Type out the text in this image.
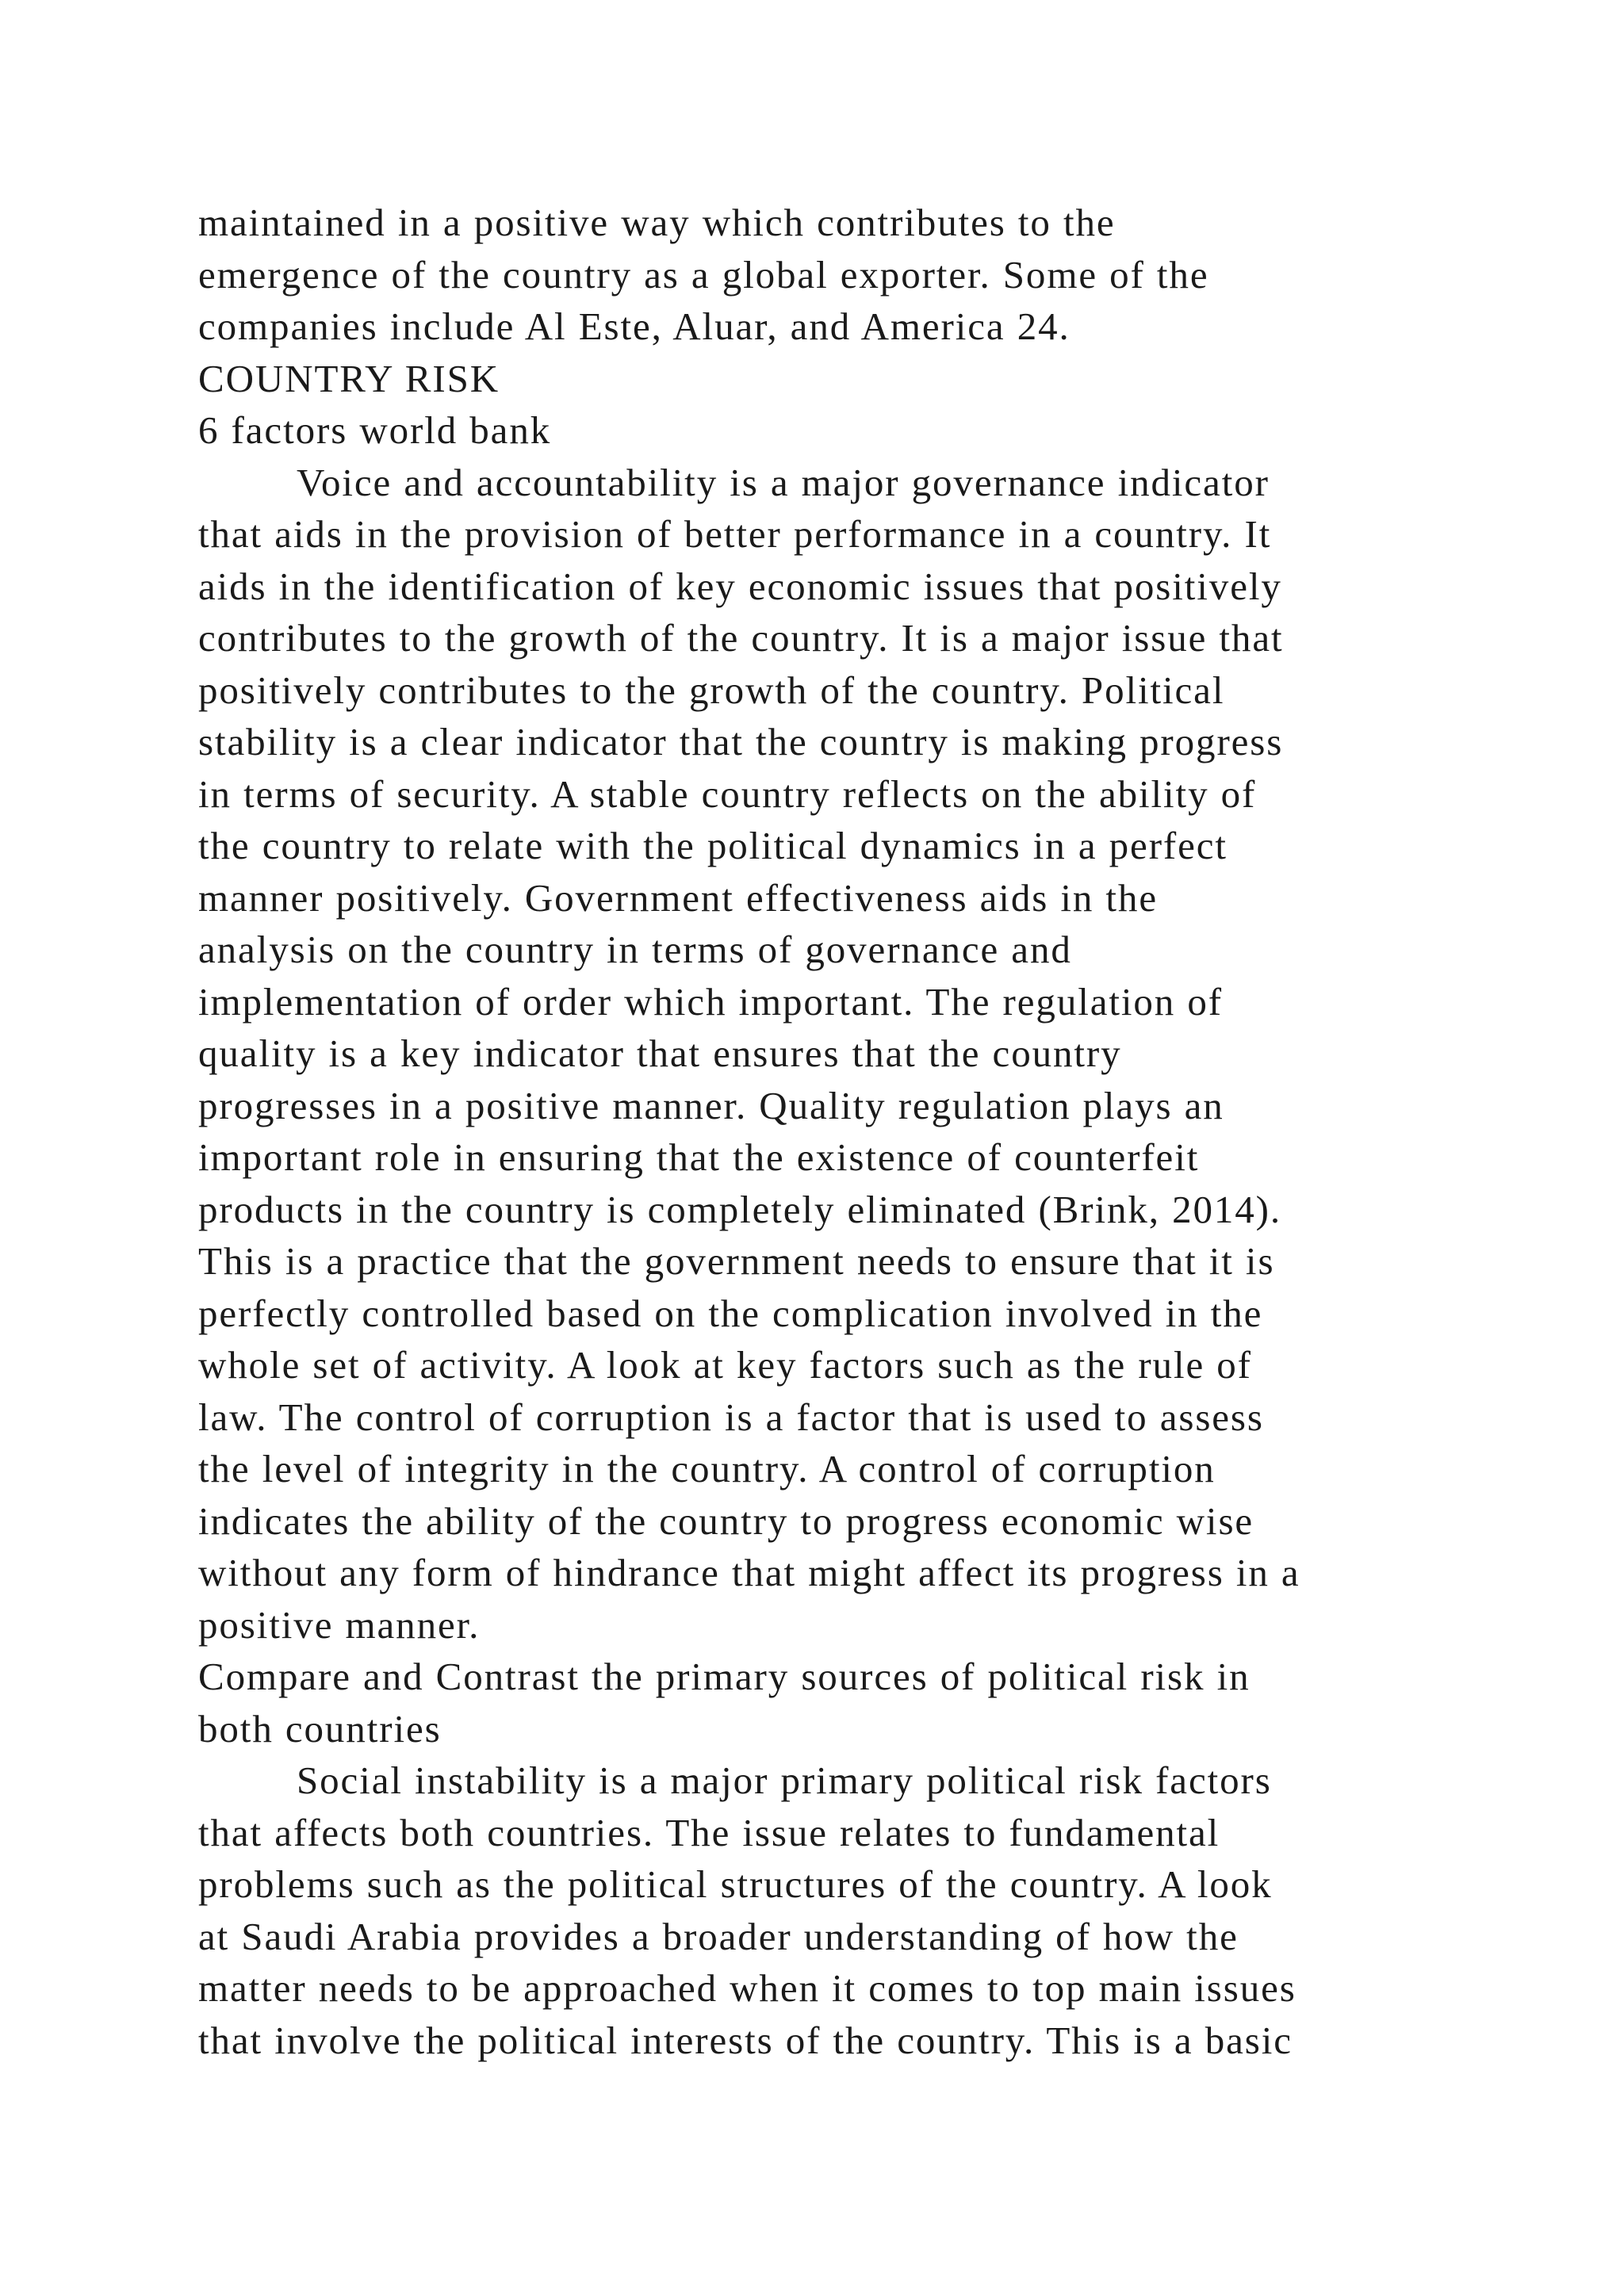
maintained in a positive way which contributes to the
emergence of the country as a global exporter. Some of the
companies include Al Este, Aluar, and America 24.
COUNTRY RISK
6 factors world bank
Voice and accountability is a major governance indicator
that aids in the provision of better performance in a country. It
aids in the identification of key economic issues that positively
contributes to the growth of the country. It is a major issue that
positively contributes to the growth of the country. Political
stability is a clear indicator that the country is making progress
in terms of security. A stable country reflects on the ability of
the country to relate with the political dynamics in a perfect
manner positively. Government effectiveness aids in the
analysis on the country in terms of governance and
implementation of order which important. The regulation of
quality is a key indicator that ensures that the country
progresses in a positive manner. Quality regulation plays an
important role in ensuring that the existence of counterfeit
products in the country is completely eliminated (Brink, 2014).
This is a practice that the government needs to ensure that it is
perfectly controlled based on the complication involved in the
whole set of activity. A look at key factors such as the rule of
law. The control of corruption is a factor that is used to assess
the level of integrity in the country. A control of corruption
indicates the ability of the country to progress economic wise
without any form of hindrance that might affect its progress in a
positive manner.
Compare and Contrast the primary sources of political risk in
both countries
Social instability is a major primary political risk factors
that affects both countries. The issue relates to fundamental
problems such as the political structures of the country. A look
at Saudi Arabia provides a broader understanding of how the
matter needs to be approached when it comes to top main issues
that involve the political interests of the country. This is a basic
